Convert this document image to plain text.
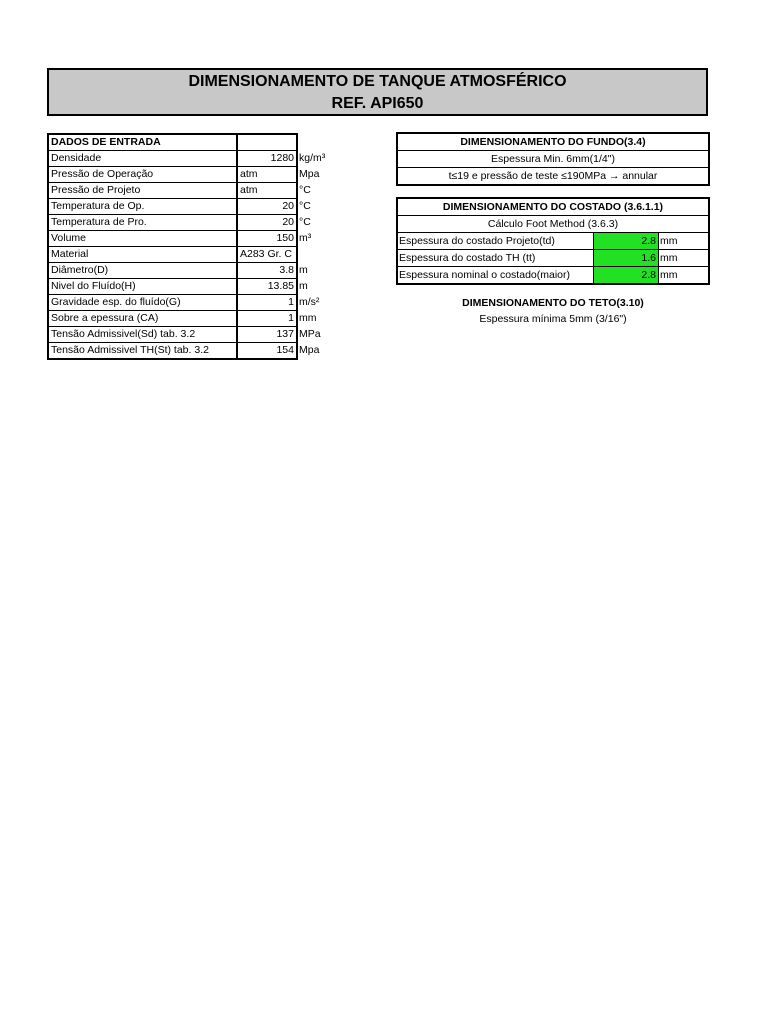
DIMENSIONAMENTO DE TANQUE ATMOSFÉRICO
REF. API650
DADOS DE ENTRADA		
Densidade	1280	kg/m³
Pressão de Operação	atm	Mpa
Pressão de Projeto	atm	°C
Temperatura de Op.	20	°C
Temperatura de Pro.	20	°C
Volume	150	m³
Material	A283 Gr. C	
Diâmetro(D)	3.8	m
Nivel do Fluído(H)	13.85	m
Gravidade esp. do fluído(G)	1	m/s²
Sobre a epessura (CA)	1	mm
Tensão Admissivel(Sd) tab. 3.2	137	MPa
Tensão Admissivel TH(St) tab. 3.2	154	Mpa
DIMENSIONAMENTO DO FUNDO(3.4)
Espessura Min. 6mm(1/4")
t≤19 e pressão de teste ≤190MPa → annular
DIMENSIONAMENTO DO COSTADO (3.6.1.1)
Cálculo Foot Method (3.6.3)
Espessura do costado Projeto(td)	2.8 mm
Espessura do costado TH (tt)	1.6 mm
Espessura nominal o costado(maior)	2.8 mm
DIMENSIONAMENTO DO TETO(3.10)
Espessura mínima 5mm (3/16")
